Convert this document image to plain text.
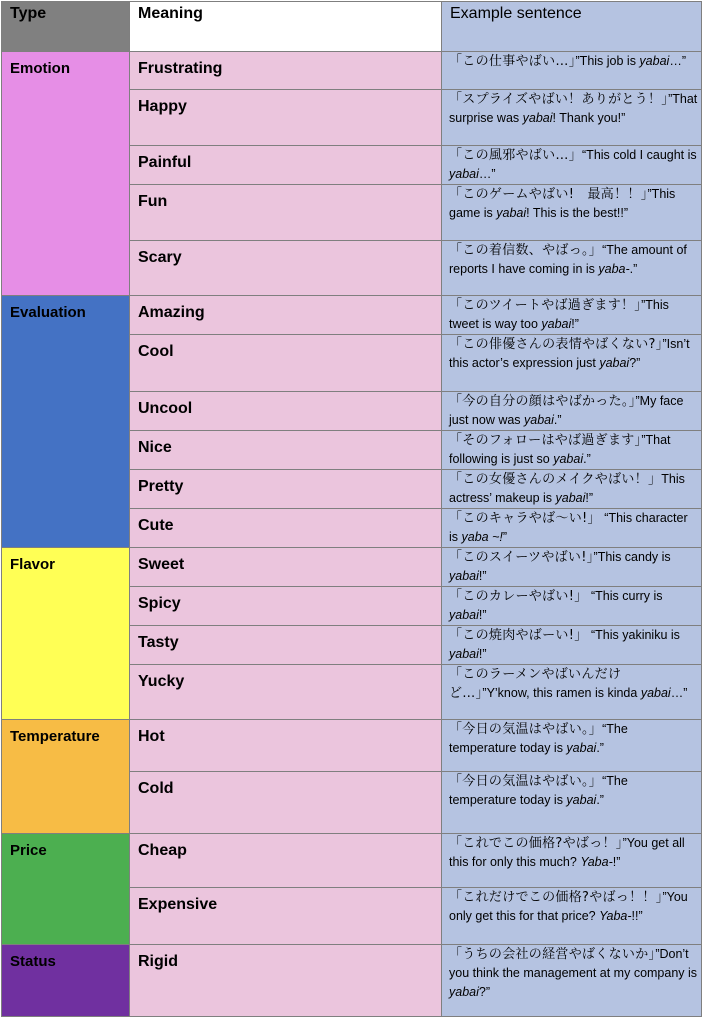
Type	Meaning	Example sentence
Emotion	Frustrating	「この仕事やばい…」”This job is yabai…”
	Happy	「スプライズやばい！ありがとう！」”That surprise was yabai! Thank you!”
	Painful	「この風邪やばい…」“This cold I caught is yabai…”
	Fun	「このゲームやばい!　最高！！」”This game is yabai! This is the best!!”
	Scary	「この着信数、やばっ。」“The amount of reports I have coming in is yaba-.”
Evaluation	Amazing	「このツイートやば過ぎます！」”This tweet is way too yabai!”
	Cool	「この俳優さんの表情やばくない?」”Isn’t this actor’s expression just yabai?”
	Uncool	「今の自分の顔はやばかった。」”My face just now was yabai.”
	Nice	「そのフォローはやば過ぎます」”That following is just so yabai.”
	Pretty	「この女優さんのメイクやばい！」This actress’ makeup is yabai!”
	Cute	「このキャラやば～い!」 “This character is yaba ~!”
Flavor	Sweet	「このスイーツやばい!」”This candy is yabai!”
	Spicy	「このカレーやばい!」 “This curry is yabai!”
	Tasty	「この焼肉やばーい!」 “This yakiniku is yabai!”
	Yucky	「このラーメンやばいんだけど…」”Y’know, this ramen is kinda yabai…”
Temperature	Hot	「今日の気温はやばい。」“The temperature today is yabai.”
	Cold	「今日の気温はやばい。」“The temperature today is yabai.”
Price	Cheap	「これでこの価格?やばっ！」”You get all this for only this much? Yaba-!”
	Expensive	「これだけでこの価格?やばっ！！」”You only get this for that price? Yaba-!!”
Status	Rigid	「うちの会社の経営やばくないか」”Don’t you think the management at my company is yabai?”
